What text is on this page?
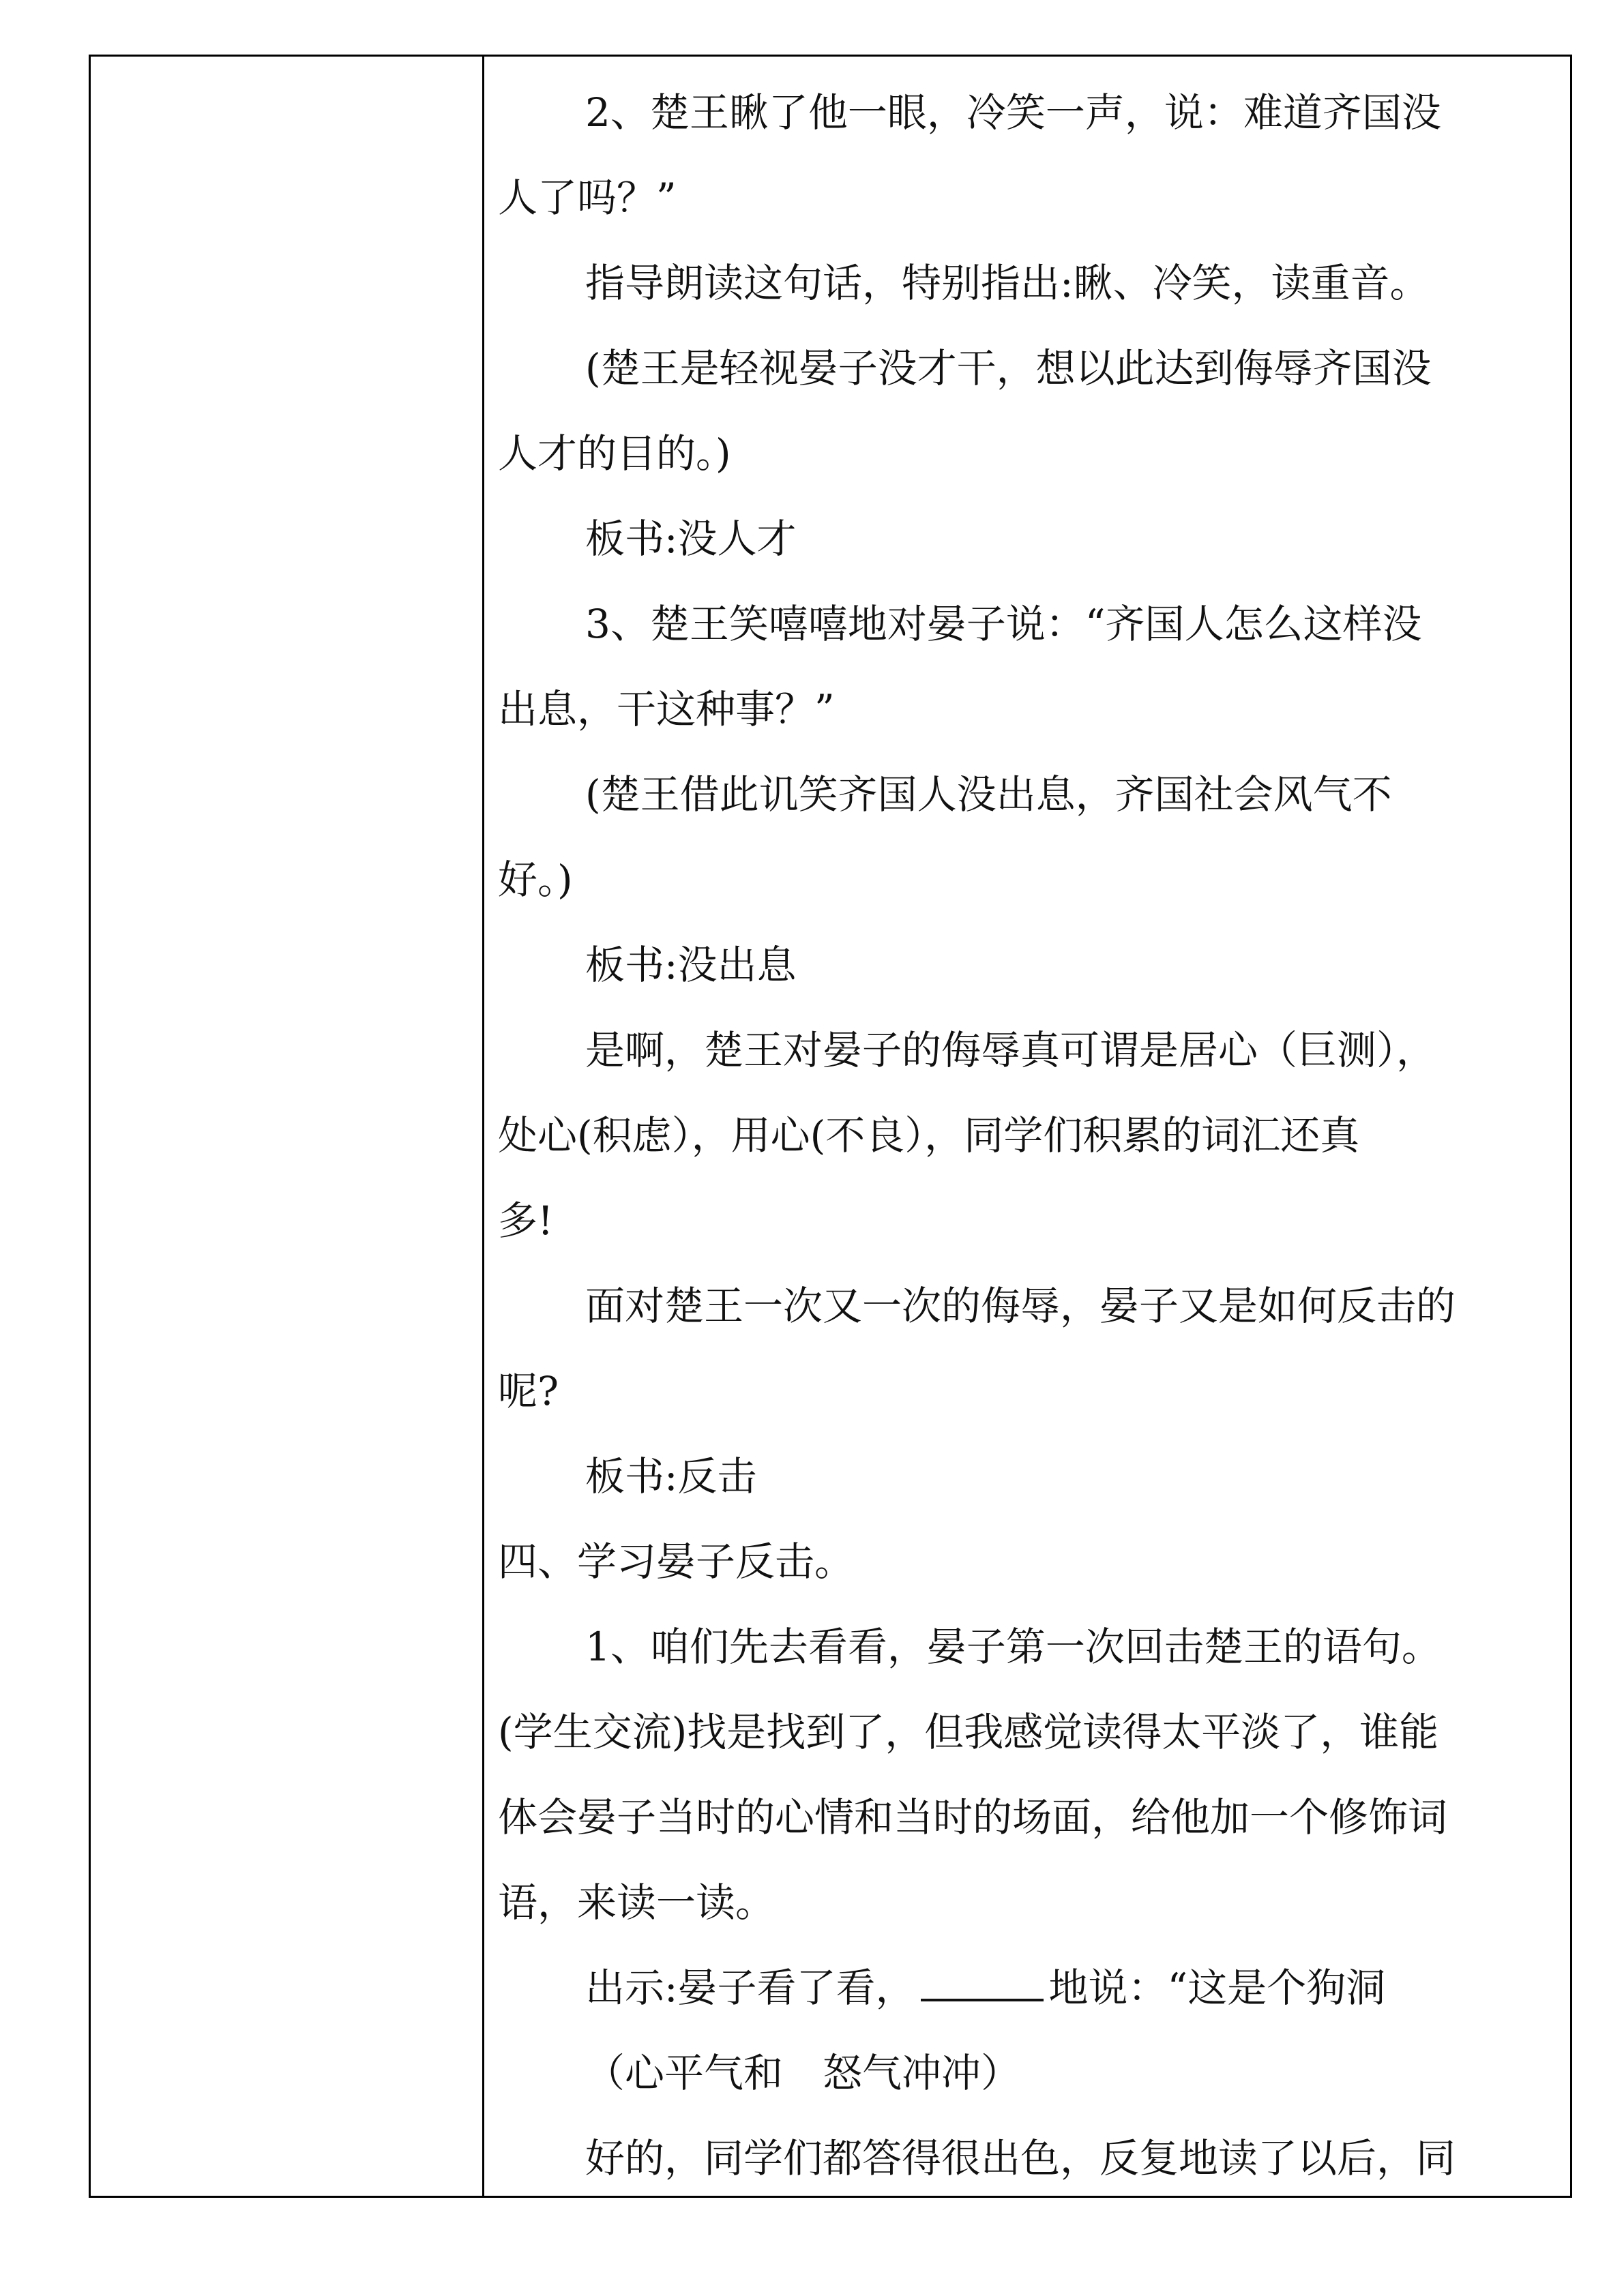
2、楚王瞅了他一眼，冷笑一声，说：难道齐国没
人了吗？”
指导朗读这句话，特别指出:瞅、冷笑，读重音。
(楚王是轻视晏子没才干，想以此达到侮辱齐国没
人才的目的。)
板书:没人才
3、楚王笑嘻嘻地对晏子说：“齐国人怎么这样没
出息，干这种事？”
(楚王借此讥笑齐国人没出息，齐国社会风气不
好。)
板书:没出息
是啊，楚王对晏子的侮辱真可谓是居心（巨测），
处心(积虑），用心(不良），同学们积累的词汇还真
多!
面对楚王一次又一次的侮辱，晏子又是如何反击的
呢?
板书:反击
四、学习晏子反击。
1、咱们先去看看，晏子第一次回击楚王的语句。
(学生交流)找是找到了，但我感觉读得太平淡了，谁能
体会晏子当时的心情和当时的场面，给他加一个修饰词
语，来读一读。
出示:晏子看了看，	地说：“这是个狗洞
（心平气和　怒气冲冲）
好的，同学们都答得很出色，反复地读了以后，同
